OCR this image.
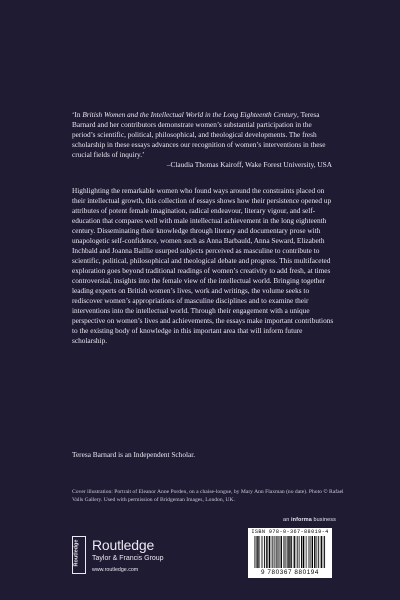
‘In British Women and the Intellectual World in the Long Eighteenth Century, Teresa Barnard and her contributors demonstrate women’s substantial participation in the period’s scientific, political, philosophical, and theological developments. The fresh scholarship in these essays advances our recognition of women’s interventions in these crucial fields of inquiry.’
–Claudia Thomas Kairoff, Wake Forest University, USA
Highlighting the remarkable women who found ways around the constraints placed on their intellectual growth, this collection of essays shows how their persistence opened up attributes of potent female imagination, radical endeavour, literary vigour, and self-education that compares well with male intellectual achievement in the long eighteenth century. Disseminating their knowledge through literary and documentary prose with unapologetic self-confidence, women such as Anna Barbauld, Anna Seward, Elizabeth Inchbald and Joanna Baillie usurped subjects perceived as masculine to contribute to scientific, political, philosophical and theological debate and progress. This multifaceted exploration goes beyond traditional readings of women’s creativity to add fresh, at times controversial, insights into the female view of the intellectual world. Bringing together leading experts on British women’s lives, work and writings, the volume seeks to rediscover women’s appropriations of masculine disciplines and to examine their interventions into the intellectual world. Through their engagement with a unique perspective on women’s lives and achievements, the essays make important contributions to the existing body of knowledge in this important area that will inform future scholarship.
Teresa Barnard is an Independent Scholar.
Cover illustration: Portrait of Eleanor Anne Porden, on a chaise-longue, by Mary Ann Flaxman (no date). Photo © Rafael Valls Gallery. Used with permission of Bridgeman Images, London, UK.
an informa business
Routledge Routledge
Taylor & Francis Group
www.routledge.com
ISBN 978-0-367-88019-4
9 780367 880194
